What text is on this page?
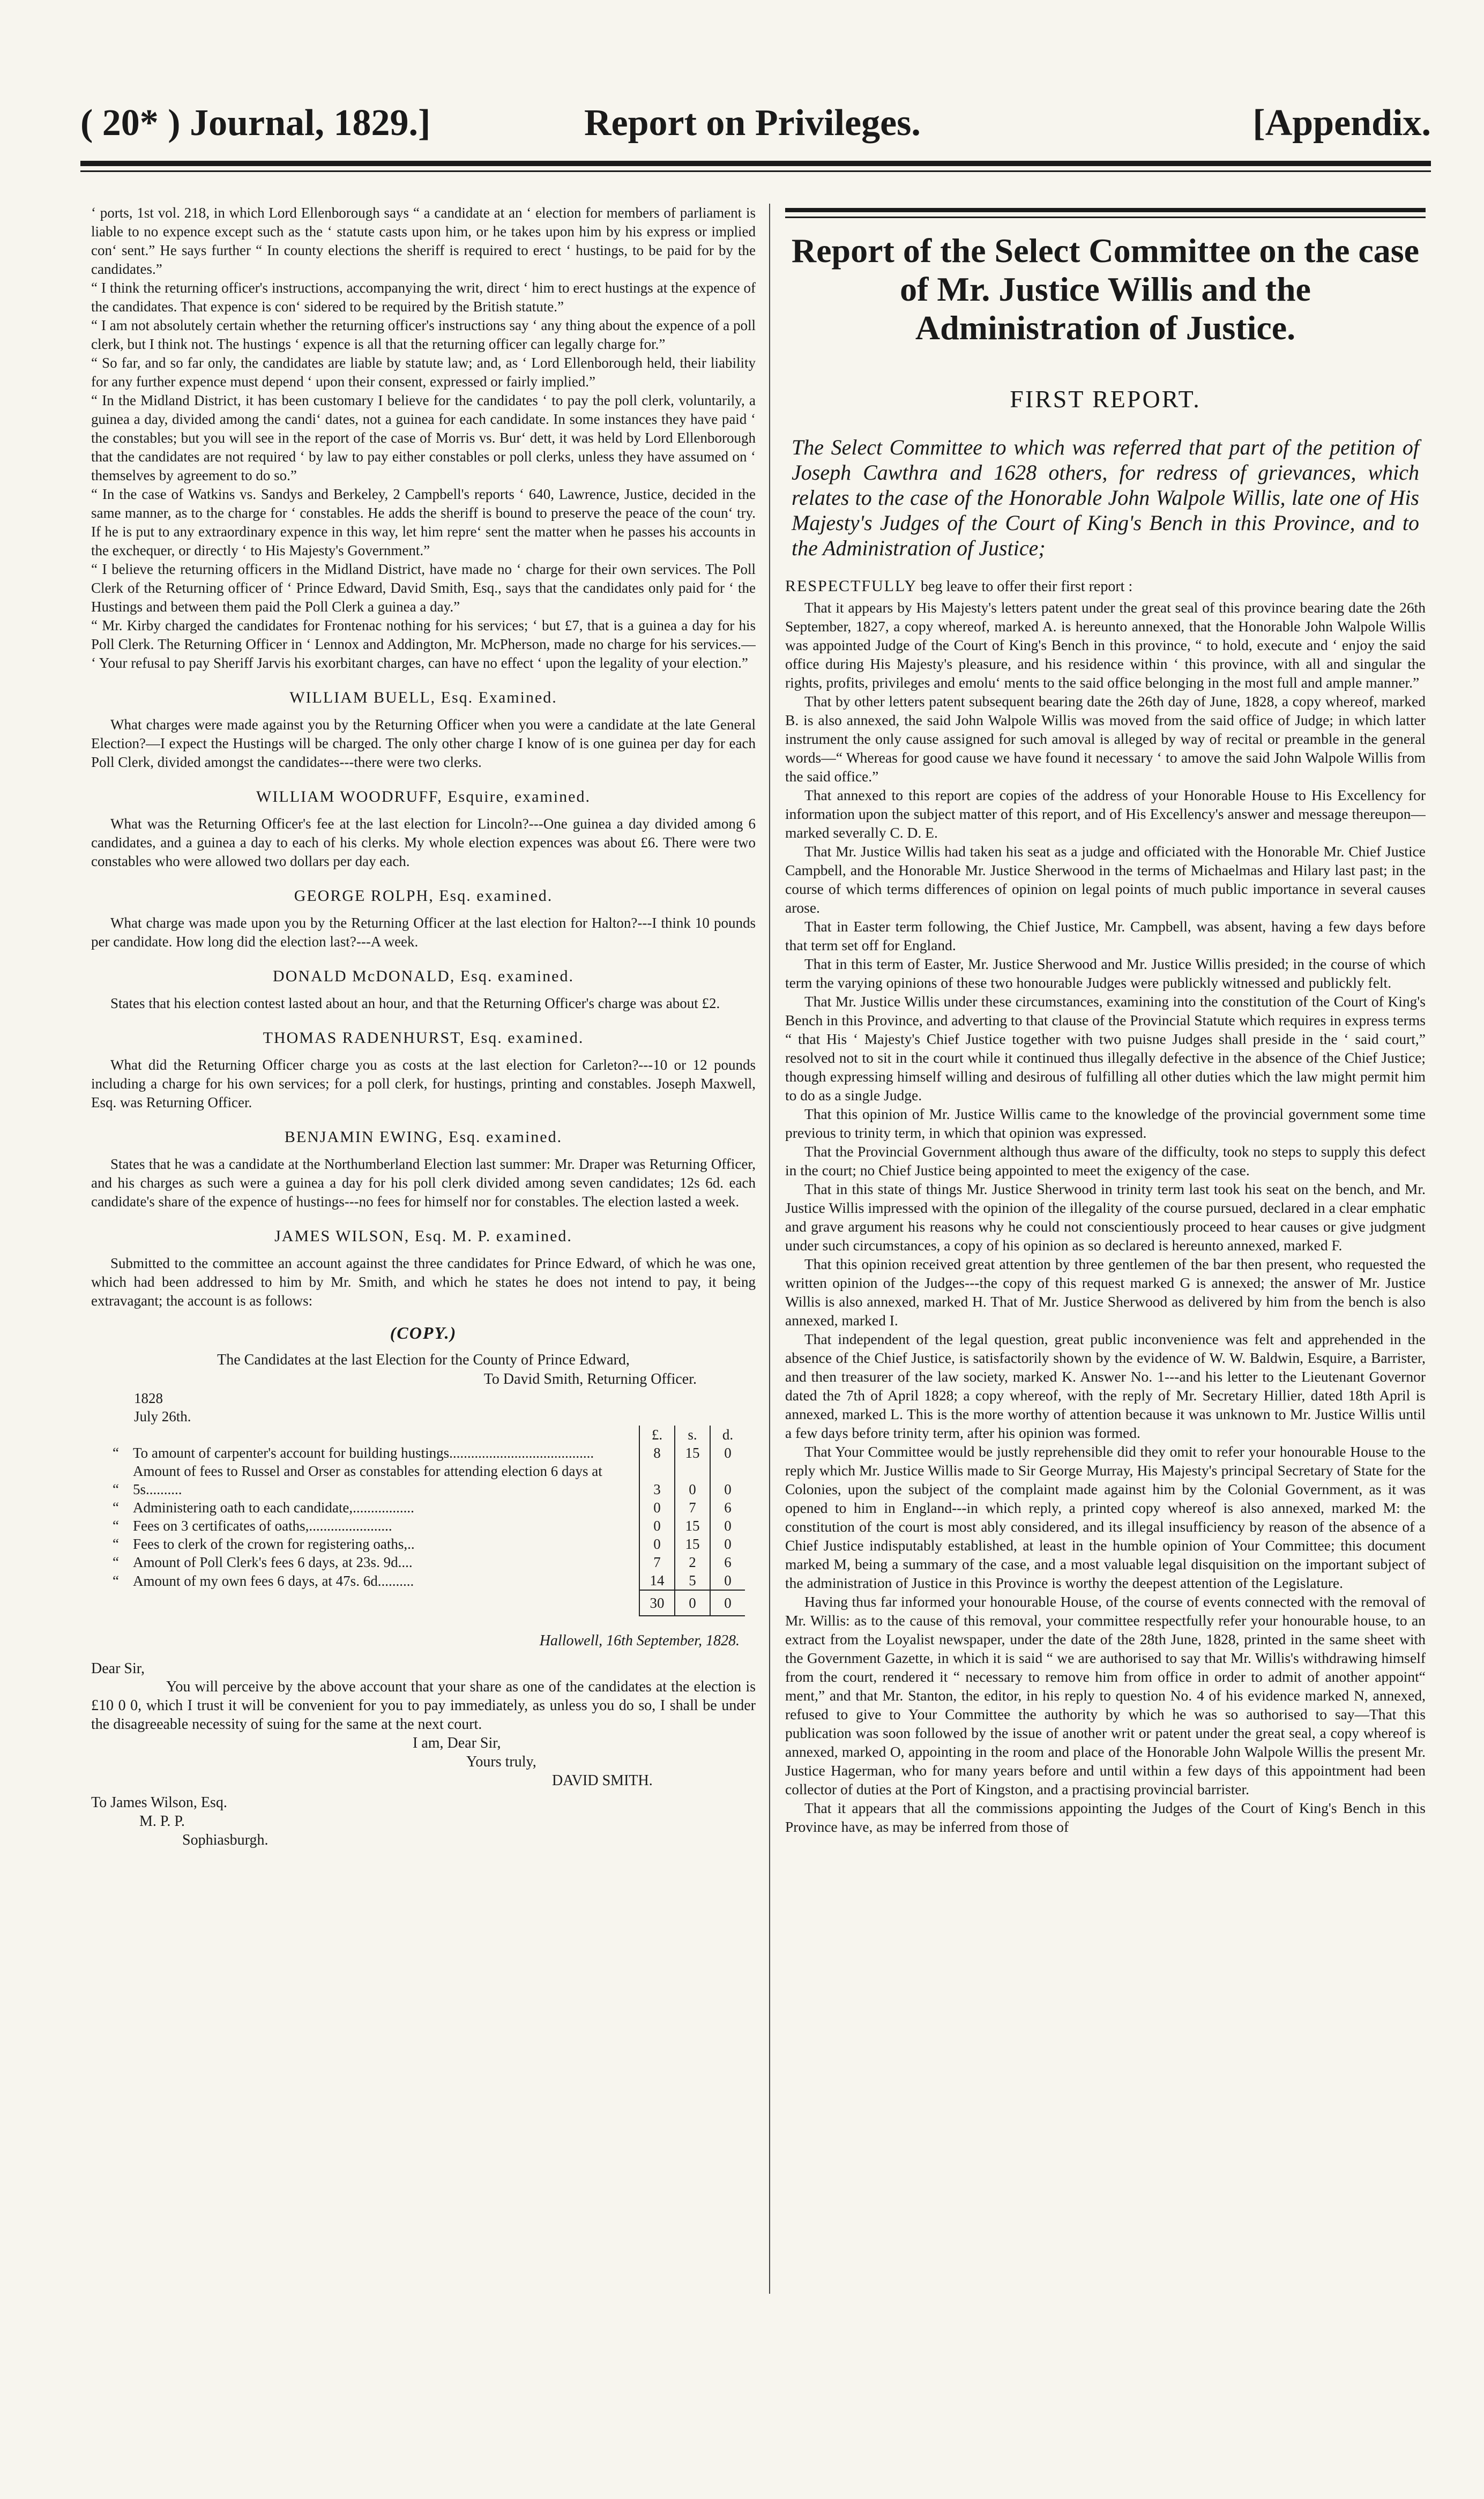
( 20* ) Journal, 1829.]	Report on Privileges.	[Appendix.

‘ ports, 1st vol. 218, in which Lord Ellenborough says “ a candidate at an ‘ election for members of parliament is liable to no expence except such as the ‘ statute casts upon him, or he takes upon him by his express or implied con‘ sent.” He says further “ In county elections the sheriff is required to erect ‘ hustings, to be paid for by the candidates.”

“ I think the returning officer's instructions, accompanying the writ, direct ‘ him to erect hustings at the expence of the candidates. That expence is con‘ sidered to be required by the British statute.”

“ I am not absolutely certain whether the returning officer's instructions say ‘ any thing about the expence of a poll clerk, but I think not. The hustings ‘ expence is all that the returning officer can legally charge for.”

“ So far, and so far only, the candidates are liable by statute law; and, as ‘ Lord Ellenborough held, their liability for any further expence must depend ‘ upon their consent, expressed or fairly implied.”

“ In the Midland District, it has been customary I believe for the candidates ‘ to pay the poll clerk, voluntarily, a guinea a day, divided among the candi‘ dates, not a guinea for each candidate. In some instances they have paid ‘ the constables; but you will see in the report of the case of Morris vs. Bur‘ dett, it was held by Lord Ellenborough that the candidates are not required ‘ by law to pay either constables or poll clerks, unless they have assumed on ‘ themselves by agreement to do so.”

“ In the case of Watkins vs. Sandys and Berkeley, 2 Campbell's reports ‘ 640, Lawrence, Justice, decided in the same manner, as to the charge for ‘ constables. He adds the sheriff is bound to preserve the peace of the coun‘ try. If he is put to any extraordinary expence in this way, let him repre‘ sent the matter when he passes his accounts in the exchequer, or directly ‘ to His Majesty's Government.”

“ I believe the returning officers in the Midland District, have made no ‘ charge for their own services. The Poll Clerk of the Returning officer of ‘ Prince Edward, David Smith, Esq., says that the candidates only paid for ‘ the Hustings and between them paid the Poll Clerk a guinea a day.”

“ Mr. Kirby charged the candidates for Frontenac nothing for his services; ‘ but £7, that is a guinea a day for his Poll Clerk. The Returning Officer in ‘ Lennox and Addington, Mr. McPherson, made no charge for his services.— ‘ Your refusal to pay Sheriff Jarvis his exorbitant charges, can have no effect ‘ upon the legality of your election.”

WILLIAM BUELL, Esq. Examined.

What charges were made against you by the Returning Officer when you were a candidate at the late General Election?—I expect the Hustings will be charged. The only other charge I know of is one guinea per day for each Poll Clerk, divided amongst the candidates---there were two clerks.

WILLIAM WOODRUFF, Esquire, examined.

What was the Returning Officer's fee at the last election for Lincoln?---One guinea a day divided among 6 candidates, and a guinea a day to each of his clerks. My whole election expences was about £6. There were two constables who were allowed two dollars per day each.

GEORGE ROLPH, Esq. examined.

What charge was made upon you by the Returning Officer at the last election for Halton?---I think 10 pounds per candidate. How long did the election last?---A week.

DONALD McDONALD, Esq. examined.

States that his election contest lasted about an hour, and that the Returning Officer's charge was about £2.

THOMAS RADENHURST, Esq. examined.

What did the Returning Officer charge you as costs at the last election for Carleton?---10 or 12 pounds including a charge for his own services; for a poll clerk, for hustings, printing and constables. Joseph Maxwell, Esq. was Returning Officer.

BENJAMIN EWING, Esq. examined.

States that he was a candidate at the Northumberland Election last summer: Mr. Draper was Returning Officer, and his charges as such were a guinea a day for his poll clerk divided among seven candidates; 12s 6d. each candidate's share of the expence of hustings---no fees for himself nor for constables. The election lasted a week.

JAMES WILSON, Esq. M. P. examined.

Submitted to the committee an account against the three candidates for Prince Edward, of which he was one, which had been addressed to him by Mr. Smith, and which he states he does not intend to pay, it being extravagant; the account is as follows:

(COPY.)
The Candidates at the last Election for the County of Prince Edward,
To David Smith, Returning Officer.
1828
July 26th.
		£.	s.	d.
“	To amount of carpenter's account for building hustings........................................	8	15	0
“	Amount of fees to Russel and Orser as constables for attending election 6 days at 5s..........	3	0	0
“	Administering oath to each candidate,.................	0	7	6
“	Fees on 3 certificates of oaths,.......................	0	15	0
“	Fees to clerk of the crown for registering oaths,..	0	15	0
“	Amount of Poll Clerk's fees 6 days, at 23s. 9d....	7	2	6
“	Amount of my own fees 6 days, at 47s. 6d..........	14	5	0
		30	0	0
Hallowell, 16th September, 1828.
Dear Sir,

You will perceive by the above account that your share as one of the candidates at the election is £10 0 0, which I trust it will be convenient for you to pay immediately, as unless you do so, I shall be under the disagreeable necessity of suing for the same at the next court.

I am, Dear Sir,
Yours truly,
DAVID SMITH.
To James Wilson, Esq.
M. P. P.
Sophiasburgh.
Report of the Select Committee on the case of Mr. Justice Willis and the Administration of Justice.
FIRST REPORT.

The Select Committee to which was referred that part of the petition of Joseph Cawthra and 1628 others, for redress of grievances, which relates to the case of the Honorable John Walpole Willis, late one of His Majesty's Judges of the Court of King's Bench in this Province, and to the Administration of Justice;

RESPECTFULLY beg leave to offer their first report :

That it appears by His Majesty's letters patent under the great seal of this province bearing date the 26th September, 1827, a copy whereof, marked A. is hereunto annexed, that the Honorable John Walpole Willis was appointed Judge of the Court of King's Bench in this province, “ to hold, execute and ‘ enjoy the said office during His Majesty's pleasure, and his residence within ‘ this province, with all and singular the rights, profits, privileges and emolu‘ ments to the said office belonging in the most full and ample manner.”

That by other letters patent subsequent bearing date the 26th day of June, 1828, a copy whereof, marked B. is also annexed, the said John Walpole Willis was moved from the said office of Judge; in which latter instrument the only cause assigned for such amoval is alleged by way of recital or preamble in the general words—“ Whereas for good cause we have found it necessary ‘ to amove the said John Walpole Willis from the said office.”

That annexed to this report are copies of the address of your Honorable House to His Excellency for information upon the subject matter of this report, and of His Excellency's answer and message thereupon—marked severally C. D. E.

That Mr. Justice Willis had taken his seat as a judge and officiated with the Honorable Mr. Chief Justice Campbell, and the Honorable Mr. Justice Sherwood in the terms of Michaelmas and Hilary last past; in the course of which terms differences of opinion on legal points of much public importance in several causes arose.

That in Easter term following, the Chief Justice, Mr. Campbell, was absent, having a few days before that term set off for England.

That in this term of Easter, Mr. Justice Sherwood and Mr. Justice Willis presided; in the course of which term the varying opinions of these two honourable Judges were publickly witnessed and publickly felt.

That Mr. Justice Willis under these circumstances, examining into the constitution of the Court of King's Bench in this Province, and adverting to that clause of the Provincial Statute which requires in express terms “ that His ‘ Majesty's Chief Justice together with two puisne Judges shall preside in the ‘ said court,” resolved not to sit in the court while it continued thus illegally defective in the absence of the Chief Justice; though expressing himself willing and desirous of fulfilling all other duties which the law might permit him to do as a single Judge.

That this opinion of Mr. Justice Willis came to the knowledge of the provincial government some time previous to trinity term, in which that opinion was expressed.

That the Provincial Government although thus aware of the difficulty, took no steps to supply this defect in the court; no Chief Justice being appointed to meet the exigency of the case.

That in this state of things Mr. Justice Sherwood in trinity term last took his seat on the bench, and Mr. Justice Willis impressed with the opinion of the illegality of the course pursued, declared in a clear emphatic and grave argument his reasons why he could not conscientiously proceed to hear causes or give judgment under such circumstances, a copy of his opinion as so declared is hereunto annexed, marked F.

That this opinion received great attention by three gentlemen of the bar then present, who requested the written opinion of the Judges---the copy of this request marked G is annexed; the answer of Mr. Justice Willis is also annexed, marked H. That of Mr. Justice Sherwood as delivered by him from the bench is also annexed, marked I.

That independent of the legal question, great public inconvenience was felt and apprehended in the absence of the Chief Justice, is satisfactorily shown by the evidence of W. W. Baldwin, Esquire, a Barrister, and then treasurer of the law society, marked K. Answer No. 1---and his letter to the Lieutenant Governor dated the 7th of April 1828; a copy whereof, with the reply of Mr. Secretary Hillier, dated 18th April is annexed, marked L. This is the more worthy of attention because it was unknown to Mr. Justice Willis until a few days before trinity term, after his opinion was formed.

That Your Committee would be justly reprehensible did they omit to refer your honourable House to the reply which Mr. Justice Willis made to Sir George Murray, His Majesty's principal Secretary of State for the Colonies, upon the subject of the complaint made against him by the Colonial Government, as it was opened to him in England---in which reply, a printed copy whereof is also annexed, marked M: the constitution of the court is most ably considered, and its illegal insufficiency by reason of the absence of a Chief Justice indisputably established, at least in the humble opinion of Your Committee; this document marked M, being a summary of the case, and a most valuable legal disquisition on the important subject of the administration of Justice in this Province is worthy the deepest attention of the Legislature.

Having thus far informed your honourable House, of the course of events connected with the removal of Mr. Willis: as to the cause of this removal, your committee respectfully refer your honourable house, to an extract from the Loyalist newspaper, under the date of the 28th June, 1828, printed in the same sheet with the Government Gazette, in which it is said “ we are authorised to say that Mr. Willis's withdrawing himself from the court, rendered it “ necessary to remove him from office in order to admit of another appoint“ ment,” and that Mr. Stanton, the editor, in his reply to question No. 4 of his evidence marked N, annexed, refused to give to Your Committee the authority by which he was so authorised to say—That this publication was soon followed by the issue of another writ or patent under the great seal, a copy whereof is annexed, marked O, appointing in the room and place of the Honorable John Walpole Willis the present Mr. Justice Hagerman, who for many years before and until within a few days of this appointment had been collector of duties at the Port of Kingston, and a practising provincial barrister.

That it appears that all the commissions appointing the Judges of the Court of King's Bench in this Province have, as may be inferred from those of
